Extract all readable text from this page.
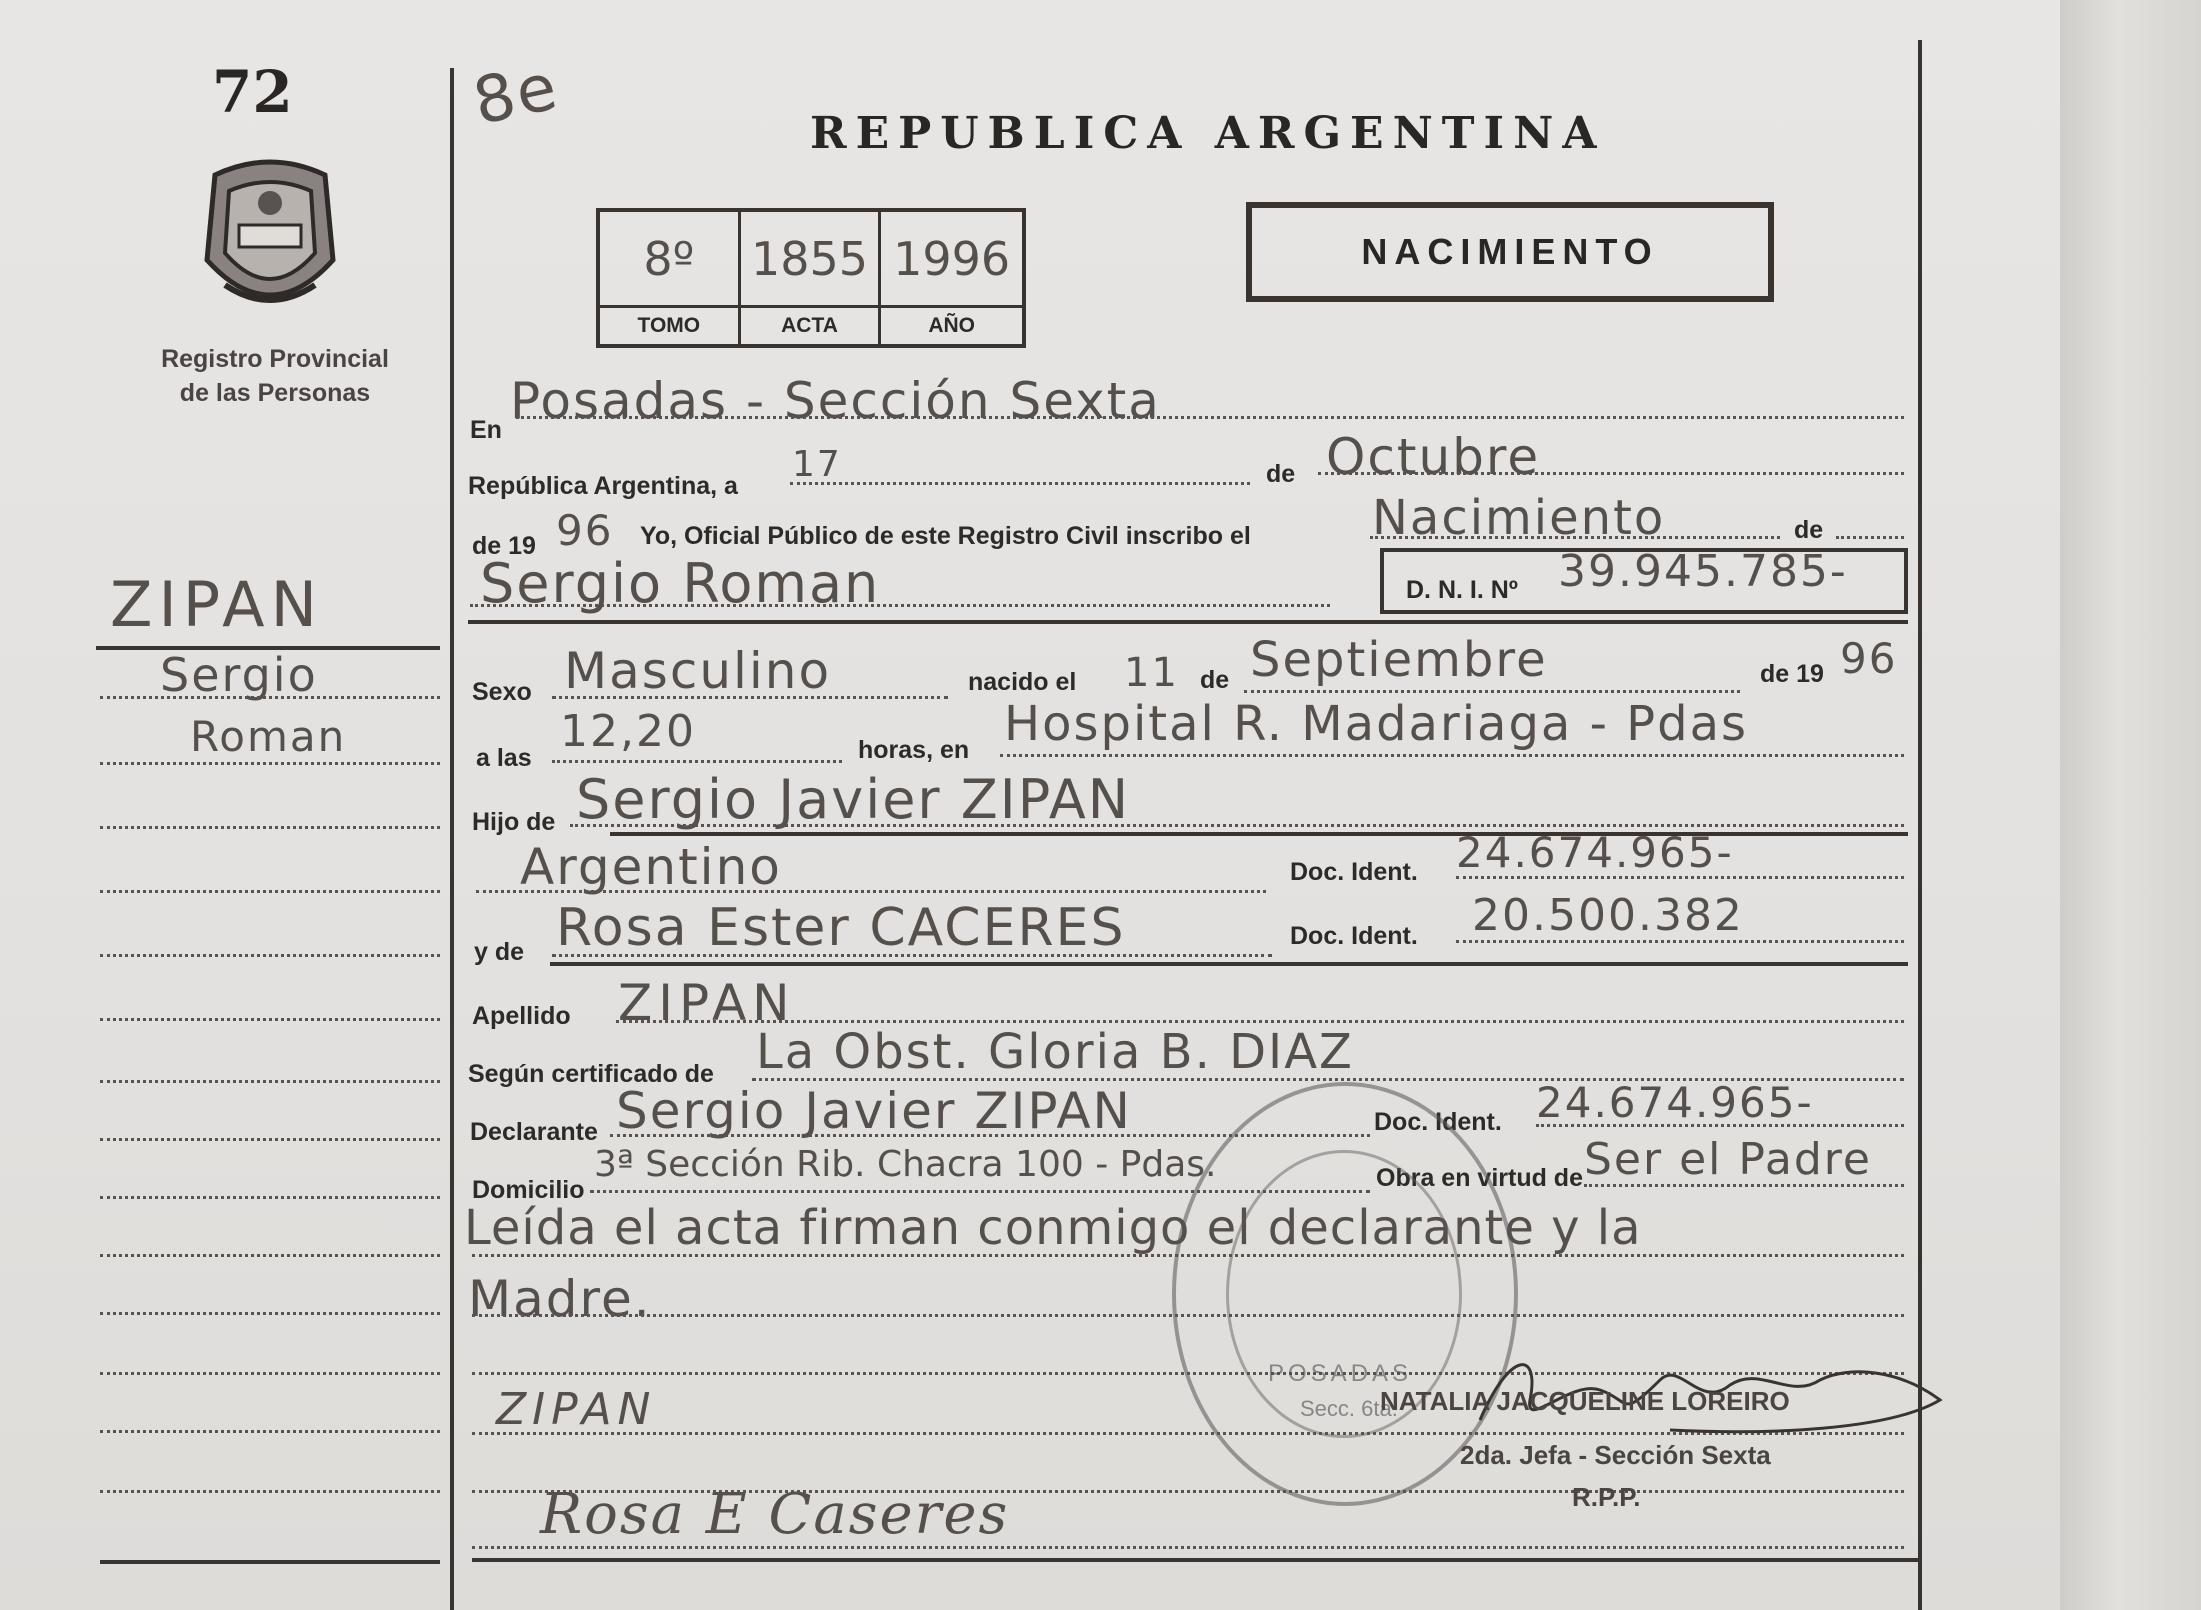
72
Registro Provincial
de las Personas
8e
ZIPAN
Sergio
Roman
REPUBLICA ARGENTINA
8º	1855 1996
TOMO	ACTA	AÑO
NACIMIENTO
En Posadas - Sección Sexta
República Argentina, a
17	de Octubre
de 19 96 Yo, Oficial Público de este Registro Civil inscribo el	Nacimiento	de
Sergio Roman	D. N. I. Nº 39.945.785-
Sexo Masculino	nacido el 11 de Septiembre	de 19 96
a las
12,20	horas, en Hospital R. Madariaga - Pdas
Hijo de Sergio Javier ZIPAN
Argentino	Doc. Ident. 24.674.965-
y de Rosa Ester CACERES	Doc. Ident. 20.500.382
Apellido ZIPAN
Según certificado de La Obst. Gloria B. DIAZ
Declarante Sergio Javier ZIPAN	Doc. Ident. 24.674.965-
Domicilio
3ª Sección Rib. Chacra 100 - Pdas.	Obra en virtud de Ser el Padre
Leída el acta firman conmigo el declarante y la
Madre.
POSADAS
Secc. 6ta.
ZIPAN
Rosa E Caseres
NATALIA JACQUELINE LOREIRO
2da. Jefa - Sección Sexta
R.P.P.
